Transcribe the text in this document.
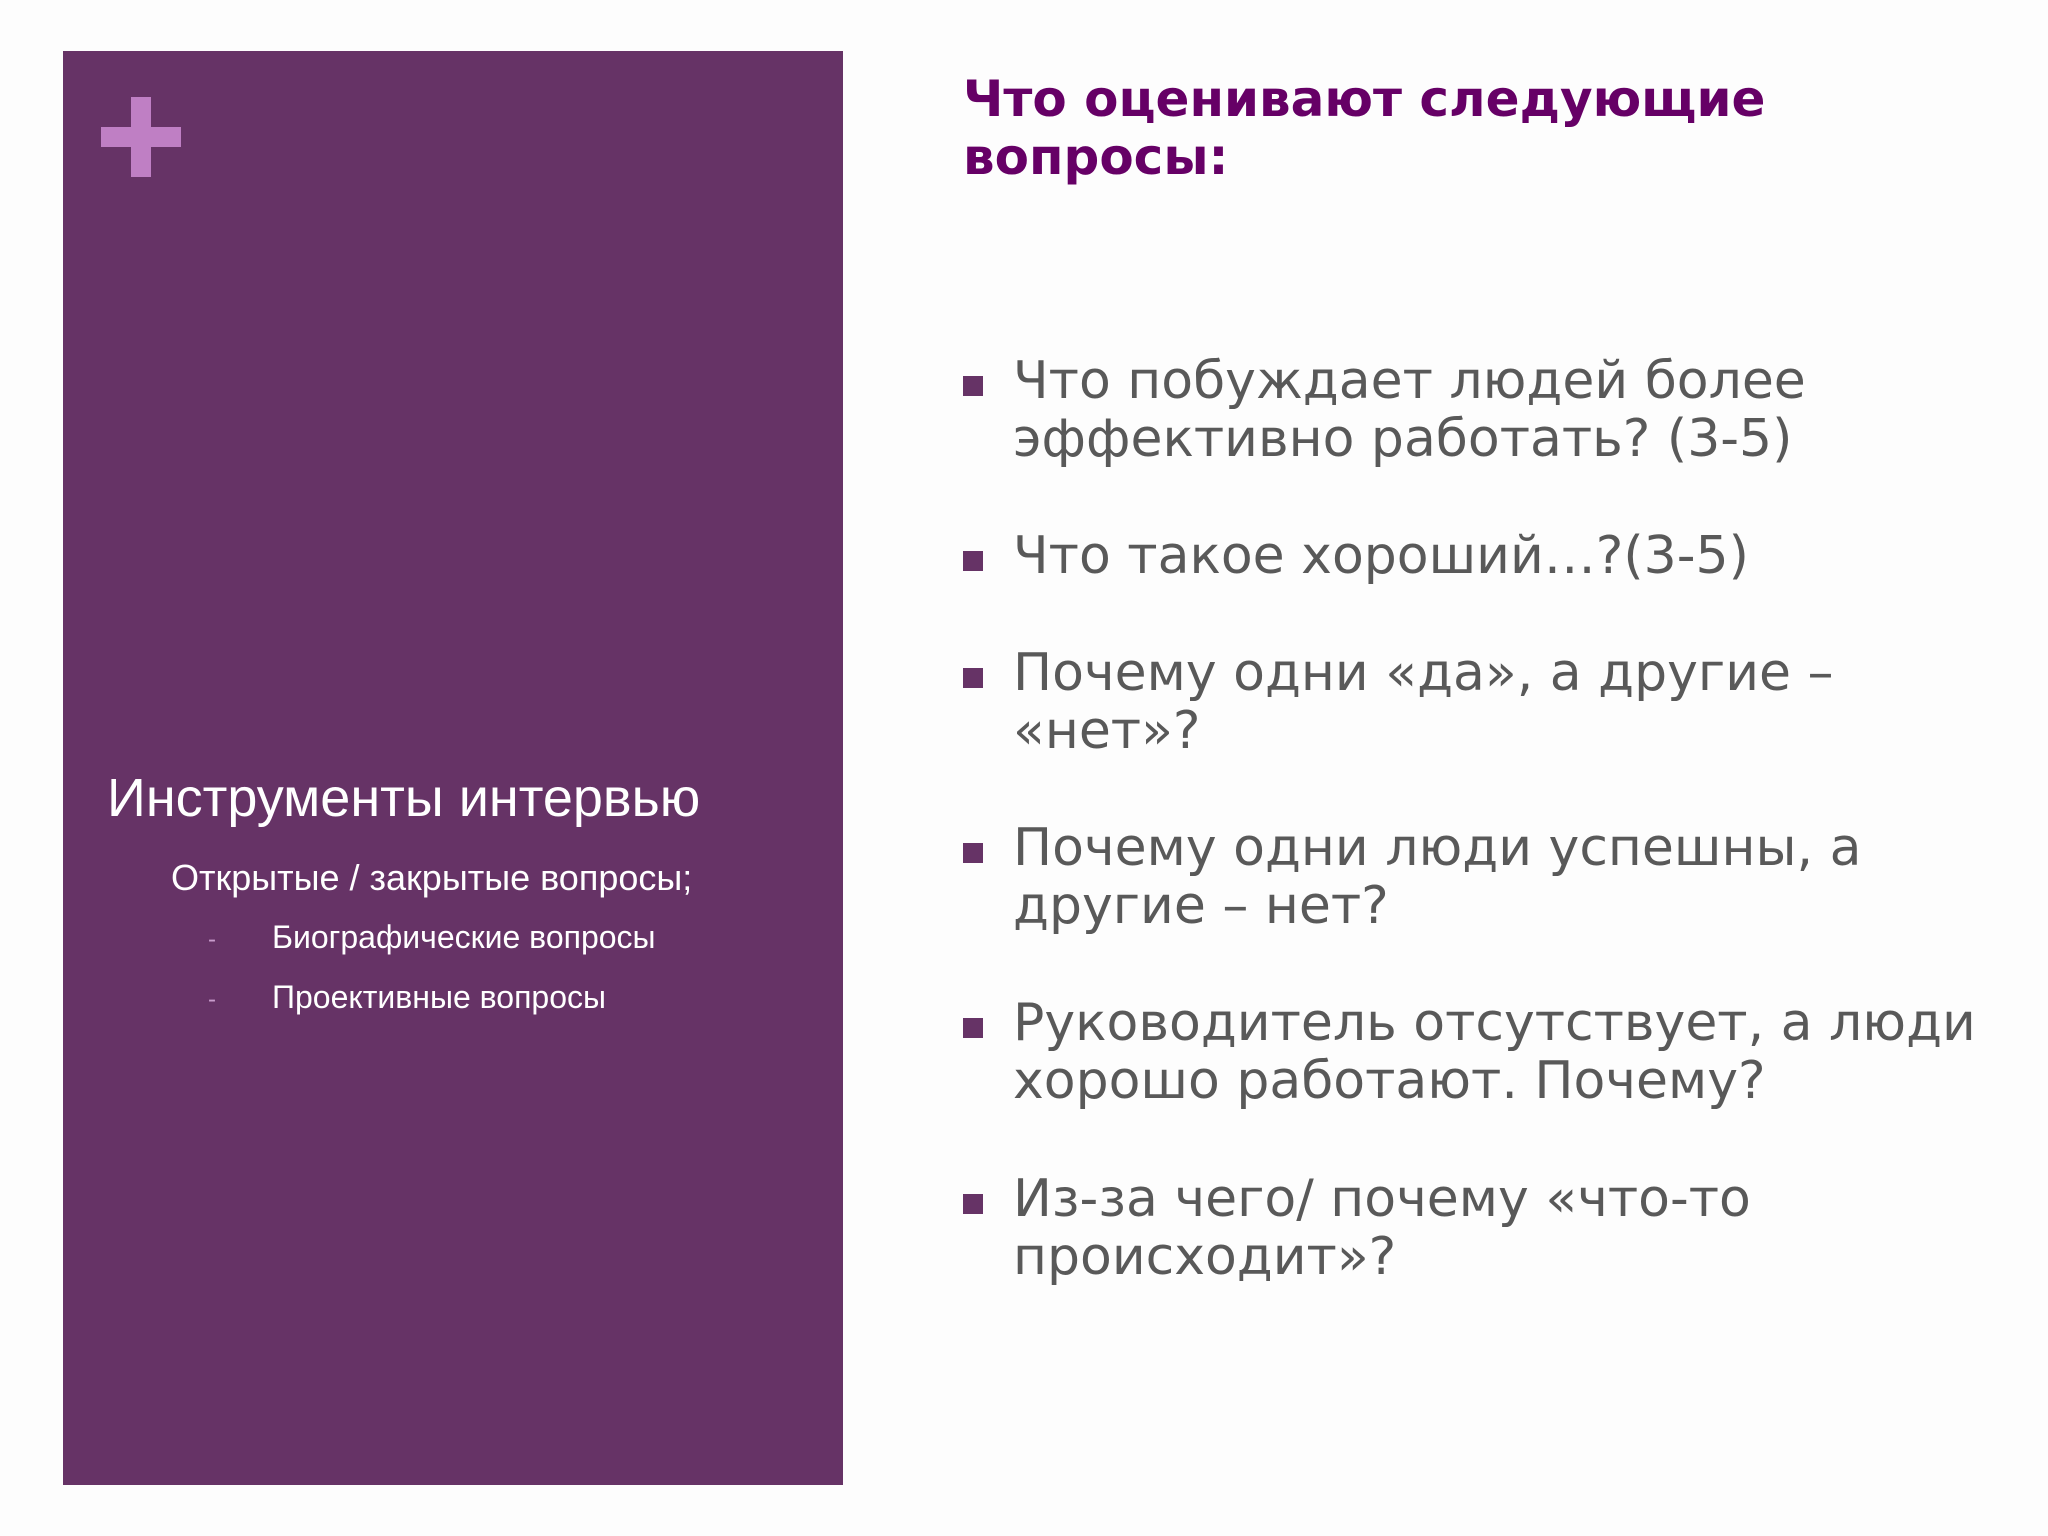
Инструменты интервью
Открытые / закрытые вопросы;
- Биографические вопросы
- Проективные вопросы
Что оценивают следующие вопросы:
Что побуждает людей более эффективно работать? (3-5)
Что такое хороший…?(3-5)
Почему одни «да», а другие – «нет»?
Почему одни люди успешны, а другие – нет?
Руководитель отсутствует, а люди хорошо работают. Почему?
Из-за чего/ почему «что-то происходит»?
